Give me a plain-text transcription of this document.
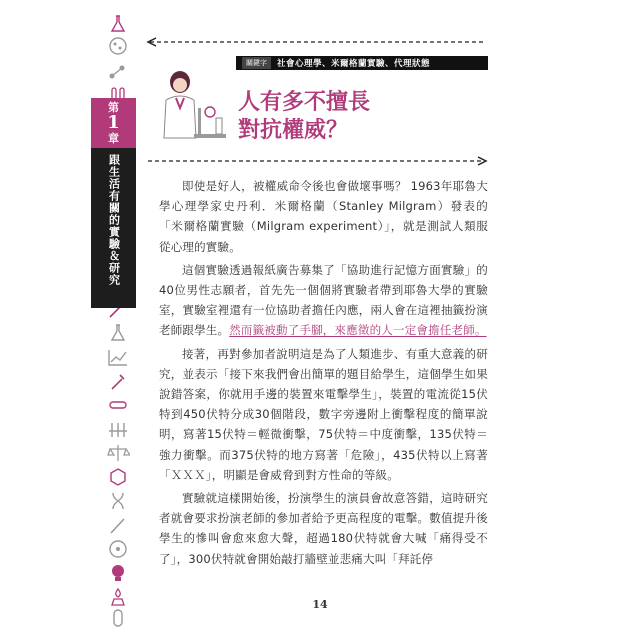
第
1
章
跟生活有關的實驗＆研究
關鍵字	社會心理學、米爾格蘭實驗、代理狀態
人有多不擅長
對抗權威？

即使是好人，被權威命令後也會做壞事嗎？ 1963年耶魯大學心理學家史丹利．米爾格蘭（Stanley Milgram）發表的「米爾格蘭實驗（Milgram experiment）」，就是測試人類服從心理的實驗。

這個實驗透過報紙廣告募集了「協助進行記憶方面實驗」的40位男性志願者，首先先一個個將實驗者帶到耶魯大學的實驗室，實驗室裡還有一位協助者擔任內應，兩人會在這裡抽籤扮演老師跟學生。然而籤被動了手腳，來應徵的人一定會擔任老師。

接著，再對參加者說明這是為了人類進步、有重大意義的研究，並表示「接下來我們會出簡單的題目給學生，這個學生如果說錯答案，你就用手邊的裝置來電擊學生」，裝置的電流從15伏特到450伏特分成30個階段，數字旁邊附上衝擊程度的簡單說明，寫著15伏特＝輕微衝擊，75伏特＝中度衝擊，135伏特＝強力衝擊。而375伏特的地方寫著「危險」，435伏特以上寫著「ＸＸＸ」，明顯是會威脅到對方性命的等級。

實驗就這樣開始後，扮演學生的演員會故意答錯，這時研究者就會要求扮演老師的參加者給予更高程度的電擊。數值提升後學生的慘叫會愈來愈大聲，超過180伏特就會大喊「痛得受不了」，300伏特就會開始敲打牆壁並悲痛大叫「拜託停

14
